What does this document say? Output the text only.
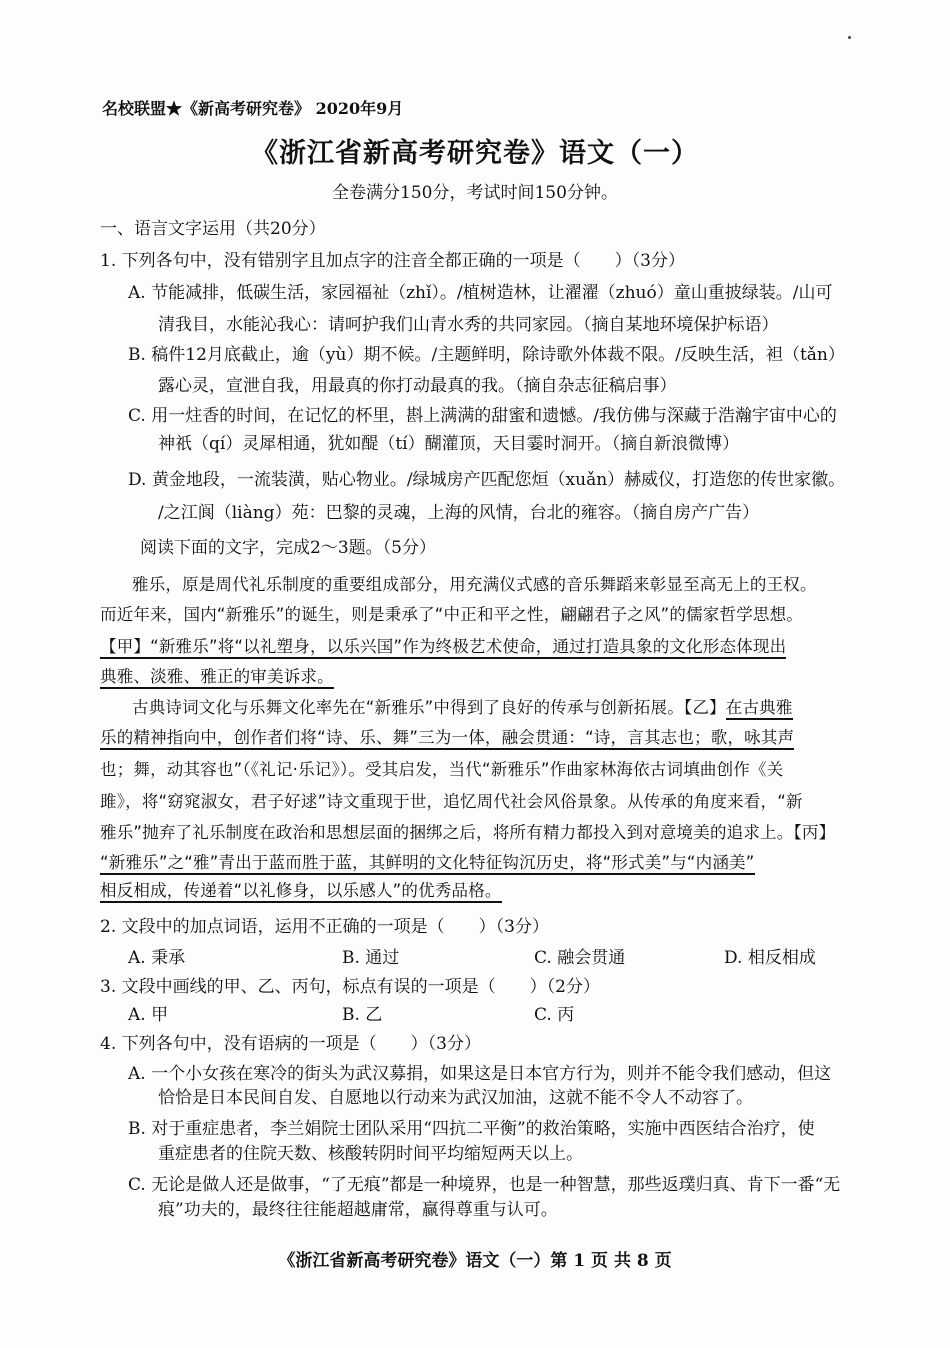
名校联盟★《新高考研究卷》 2020年9月
《浙江省新高考研究卷》语文（一）
全卷满分150分，考试时间150分钟。
一、语言文字运用（共20分）
1. 下列各句中，没有错别字且加点字的注音全都正确的一项是（　　）（3分）
A. 节能减排，低碳生活，家园福祉（zhǐ）。/植树造林，让濯濯（zhuó）童山重披绿装。/山可
清我目，水能沁我心：请呵护我们山青水秀的共同家园。（摘自某地环境保护标语）
B. 稿件12月底截止，逾（yù）期不候。/主题鲜明，除诗歌外体裁不限。/反映生活，袒（tǎn）
露心灵，宣泄自我，用最真的你打动最真的我。（摘自杂志征稿启事）
C. 用一炷香的时间，在记忆的杯里，斟上满满的甜蜜和遗憾。/我仿佛与深藏于浩瀚宇宙中心的
神祇（qí）灵犀相通，犹如醍（tí）醐灌顶，天目霎时洞开。（摘自新浪微博）
D. 黄金地段，一流装潢，贴心物业。/绿城房产匹配您烜（xuǎn）赫威仪，打造您的传世家徽。
/之江阆（liàng）苑：巴黎的灵魂，上海的风情，台北的雍容。（摘自房产广告）
阅读下面的文字，完成2～3题。（5分）
雅乐，原是周代礼乐制度的重要组成部分，用充满仪式感的音乐舞蹈来彰显至高无上的王权。
而近年来，国内“新雅乐”的诞生，则是秉承了“中正和平之性，翩翩君子之风”的儒家哲学思想。
【甲】“新雅乐”将“以礼塑身，以乐兴国”作为终极艺术使命，通过打造具象的文化形态体现出
典雅、淡雅、雅正的审美诉求。
古典诗词文化与乐舞文化率先在“新雅乐”中得到了良好的传承与创新拓展。【乙】在古典雅
乐的精神指向中，创作者们将“诗、乐、舞”三为一体，融会贯通：“诗，言其志也；歌，咏其声
也；舞，动其容也”（《礼记·乐记》）。受其启发，当代“新雅乐”作曲家林海依古词填曲创作《关
雎》，将“窈窕淑女，君子好逑”诗文重现于世，追忆周代社会风俗景象。从传承的角度来看，“新
雅乐”抛弃了礼乐制度在政治和思想层面的捆绑之后，将所有精力都投入到对意境美的追求上。【丙】
“新雅乐”之“雅”青出于蓝而胜于蓝，其鲜明的文化特征钩沉历史，将“形式美”与“内涵美”
相反相成，传递着“以礼修身，以乐感人”的优秀品格。
2. 文段中的加点词语，运用不正确的一项是（　　）（3分）
A. 秉承	B. 通过	C. 融会贯通	D. 相反相成
3. 文段中画线的甲、乙、丙句，标点有误的一项是（　　）（2分）
A. 甲	B. 乙	C. 丙
4. 下列各句中，没有语病的一项是（　　）（3分）
A. 一个小女孩在寒冷的街头为武汉募捐，如果这是日本官方行为，则并不能令我们感动，但这
恰恰是日本民间自发、自愿地以行动来为武汉加油，这就不能不令人不动容了。
B. 对于重症患者，李兰娟院士团队采用“四抗二平衡”的救治策略，实施中西医结合治疗，使
重症患者的住院天数、核酸转阴时间平均缩短两天以上。
C. 无论是做人还是做事，“了无痕”都是一种境界，也是一种智慧，那些返璞归真、肯下一番“无
痕”功夫的，最终往往能超越庸常，赢得尊重与认可。
《浙江省新高考研究卷》语文（一）第 1 页 共 8 页
